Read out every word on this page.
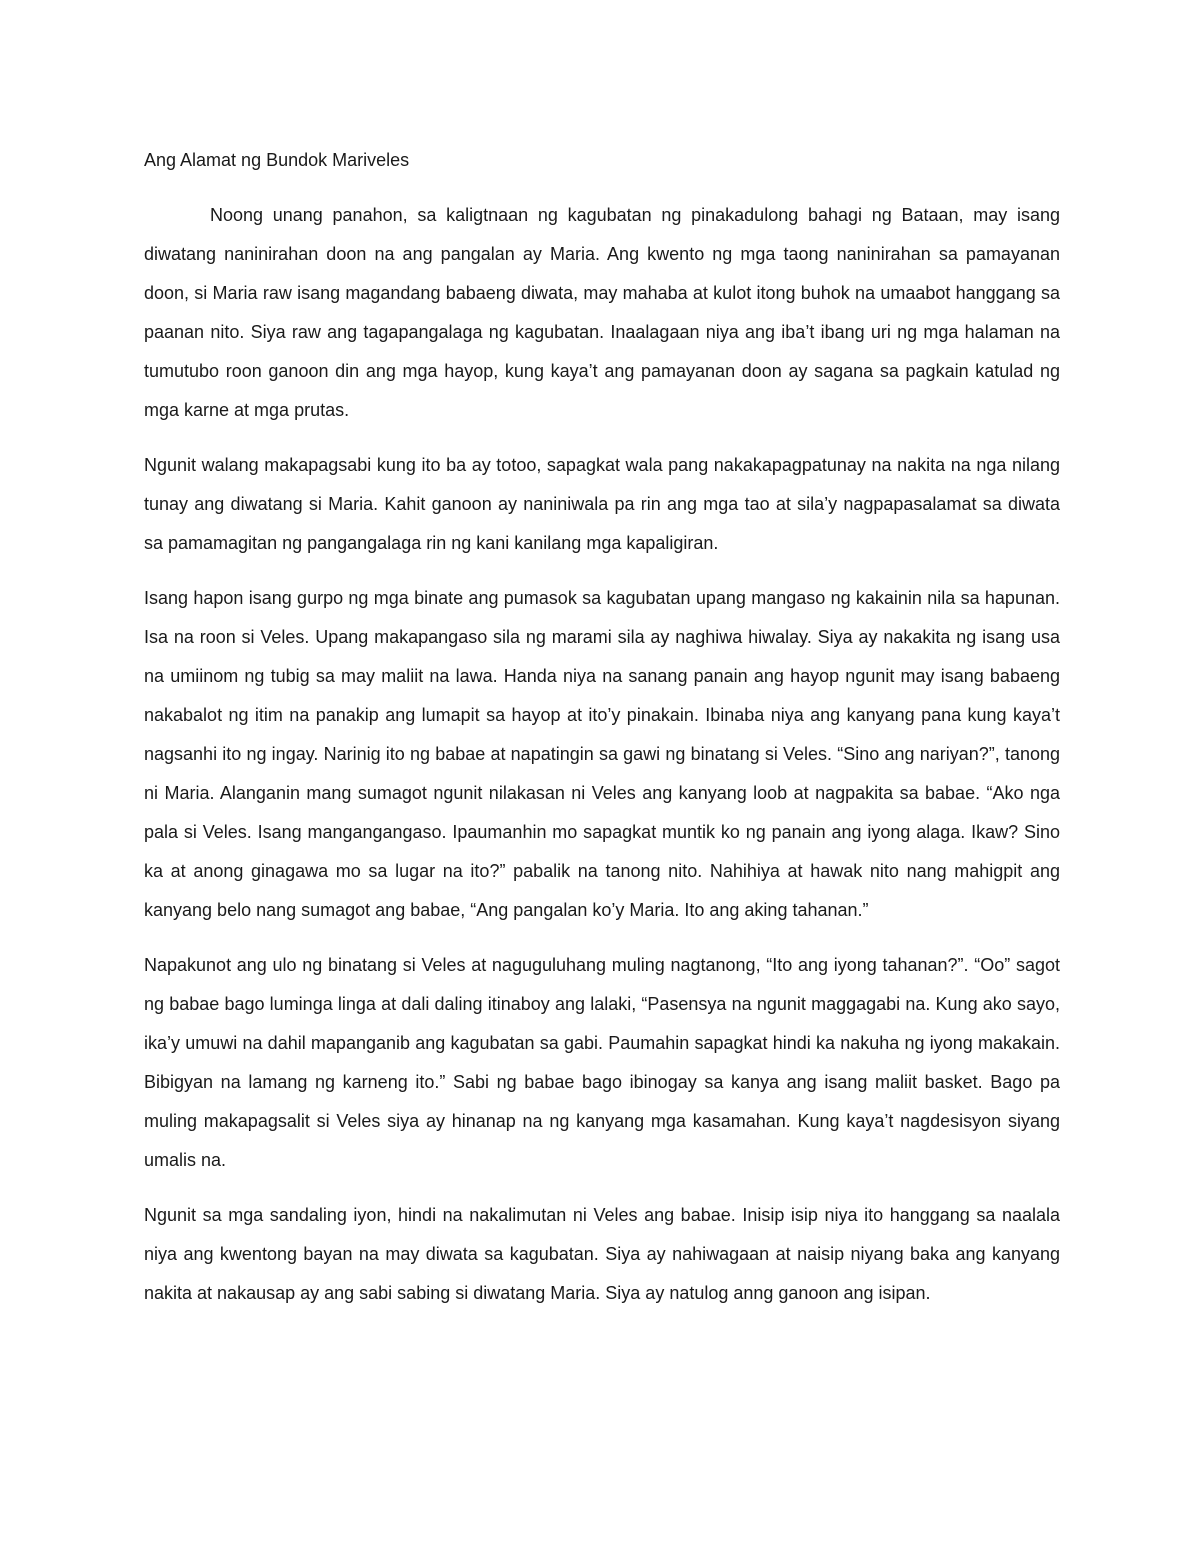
Ang Alamat ng Bundok Mariveles

Noong unang panahon, sa kaligtnaan ng kagubatan ng pinakadulong bahagi ng Bataan, may isang diwatang naninirahan doon na ang pangalan ay Maria. Ang kwento ng mga taong naninirahan sa pamayanan doon, si Maria raw isang magandang babaeng diwata, may mahaba at kulot itong buhok na umaabot hanggang sa paanan nito. Siya raw ang tagapangalaga ng kagubatan. Inaalagaan niya ang iba’t ibang uri ng mga halaman na tumutubo roon ganoon din ang mga hayop, kung kaya’t ang pamayanan doon ay sagana sa pagkain katulad ng mga karne at mga prutas.

Ngunit walang makapagsabi kung ito ba ay totoo, sapagkat wala pang nakakapagpatunay na nakita na nga nilang tunay ang diwatang si Maria. Kahit ganoon ay naniniwala pa rin ang mga tao at sila’y nagpapasalamat sa diwata sa pamamagitan ng pangangalaga rin ng kani kanilang mga kapaligiran.

Isang hapon isang gurpo ng mga binate ang pumasok sa kagubatan upang mangaso ng kakainin nila sa hapunan. Isa na roon si Veles. Upang makapangaso sila ng marami sila ay naghiwa hiwalay. Siya ay nakakita ng isang usa na umiinom ng tubig sa may maliit na lawa. Handa niya na sanang panain ang hayop ngunit may isang babaeng nakabalot ng itim na panakip ang lumapit sa hayop at ito’y pinakain. Ibinaba niya ang kanyang pana kung kaya’t nagsanhi ito ng ingay. Narinig ito ng babae at napatingin sa gawi ng binatang si Veles. “Sino ang nariyan?”, tanong ni Maria. Alanganin mang sumagot ngunit nilakasan ni Veles ang kanyang loob at nagpakita sa babae. “Ako nga pala si Veles. Isang mangangangaso. Ipaumanhin mo sapagkat muntik ko ng panain ang iyong alaga. Ikaw? Sino ka at anong ginagawa mo sa lugar na ito?” pabalik na tanong nito. Nahihiya at hawak nito nang mahigpit ang kanyang belo nang sumagot ang babae, “Ang pangalan ko’y Maria. Ito ang aking tahanan.”

Napakunot ang ulo ng binatang si Veles at naguguluhang muling nagtanong, “Ito ang iyong tahanan?”. “Oo” sagot ng babae bago luminga linga at dali daling itinaboy ang lalaki, “Pasensya na ngunit maggagabi na. Kung ako sayo, ika’y umuwi na dahil mapanganib ang kagubatan sa gabi. Paumahin sapagkat hindi ka nakuha ng iyong makakain. Bibigyan na lamang ng karneng ito.” Sabi ng babae bago ibinogay sa kanya ang isang maliit basket. Bago pa muling makapagsalit si Veles siya ay hinanap na ng kanyang mga kasamahan. Kung kaya’t nagdesisyon siyang umalis na.

Ngunit sa mga sandaling iyon, hindi na nakalimutan ni Veles ang babae. Inisip isip niya ito hanggang sa naalala niya ang kwentong bayan na may diwata sa kagubatan. Siya ay nahiwagaan at naisip niyang baka ang kanyang nakita at nakausap ay ang sabi sabing si diwatang Maria. Siya ay natulog anng ganoon ang isipan.
